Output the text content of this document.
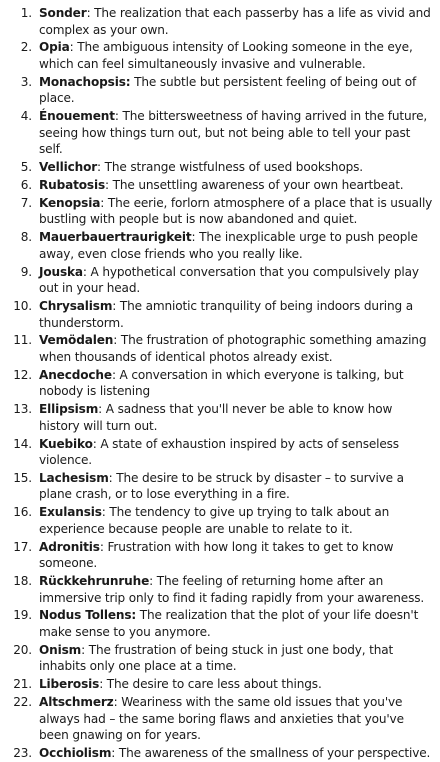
1. Sonder: The realization that each passerby has a life as vivid and complex as your own.
2. Opia: The ambiguous intensity of Looking someone in the eye, which can feel simultaneously invasive and vulnerable.
3. Monachopsis: The subtle but persistent feeling of being out of place.
4. Énouement: The bittersweetness of having arrived in the future, seeing how things turn out, but not being able to tell your past self.
5. Vellichor: The strange wistfulness of used bookshops.
6. Rubatosis: The unsettling awareness of your own heartbeat.
7. Kenopsia: The eerie, forlorn atmosphere of a place that is usually bustling with people but is now abandoned and quiet.
8. Mauerbauertraurigkeit: The inexplicable urge to push people away, even close friends who you really like.
9. Jouska: A hypothetical conversation that you compulsively play out in your head.
10. Chrysalism: The amniotic tranquility of being indoors during a thunderstorm.
11. Vemödalen: The frustration of photographic something amazing when thousands of identical photos already exist.
12. Anecdoche: A conversation in which everyone is talking, but nobody is listening
13. Ellipsism: A sadness that you'll never be able to know how history will turn out.
14. Kuebiko: A state of exhaustion inspired by acts of senseless violence.
15. Lachesism: The desire to be struck by disaster – to survive a plane crash, or to lose everything in a fire.
16. Exulansis: The tendency to give up trying to talk about an experience because people are unable to relate to it.
17. Adronitis: Frustration with how long it takes to get to know someone.
18. Rückkehrunruhe: The feeling of returning home after an immersive trip only to find it fading rapidly from your awareness.
19. Nodus Tollens: The realization that the plot of your life doesn't make sense to you anymore.
20. Onism: The frustration of being stuck in just one body, that inhabits only one place at a time.
21. Liberosis: The desire to care less about things.
22. Altschmerz: Weariness with the same old issues that you've always had – the same boring flaws and anxieties that you've been gnawing on for years.
23. Occhiolism: The awareness of the smallness of your perspective.
